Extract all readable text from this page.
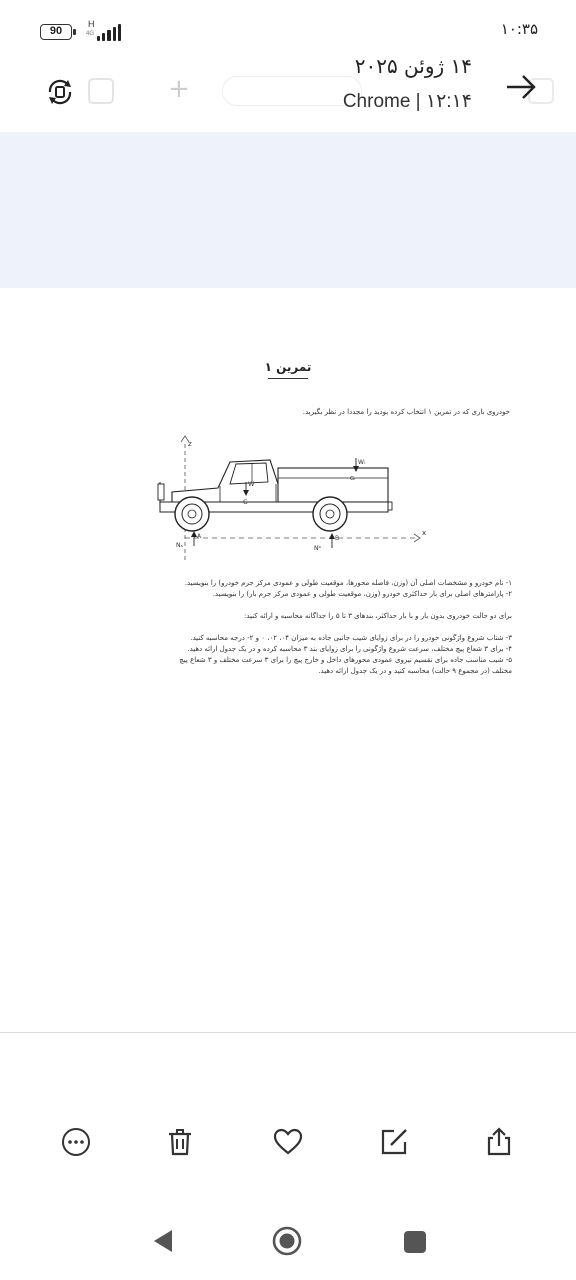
90
H
4G	۱۰:۳۵
+
۱۴ ژوئن ۲۰۲۵
Chrome | ۱۲:۱۴
تمرین ۱
خودروی باری که در تمرین ۱ انتخاب کرده بودید را مجددا در نظر بگیرید.
z
x
W
G
Wₗ
Gₗ
Nₐ
A
Nᵇ
B
۱- نام خودرو و مشخصات اصلی آن (وزن، فاصله محورها، موقعیت طولی و عمودی مرکز جرم خودرو) را بنویسید.
۲- پارامترهای اصلی برای بار حداکثری خودرو (وزن، موقعیت طولی و عمودی مرکز جرم بار) را بنویسید.
برای دو حالت خودروی بدون بار و با بار حداکثر، بندهای ۳ تا ۵ را جداگانه محاسبه و ارائه کنید:
۳- شتاب شروع واژگونی خودرو را در برای زوایای شیب جانبی جاده به میزان ۰۴، ۰۲، ۰ و ۲- درجه محاسبه کنید.
۴- برای ۳ شعاع پیچ مختلف، سرعت شروع واژگونی را برای زوایای بند ۳ محاسبه کرده و در یک جدول ارائه دهید.
۵- شیب مناسب جاده برای تقسیم نیروی عمودی محورهای داخل و خارج پیچ را برای ۳ سرعت مختلف و ۳ شعاع پیچ
مختلف (در مجموع ۹ حالت) محاسبه کنید و در یک جدول ارائه دهید.
